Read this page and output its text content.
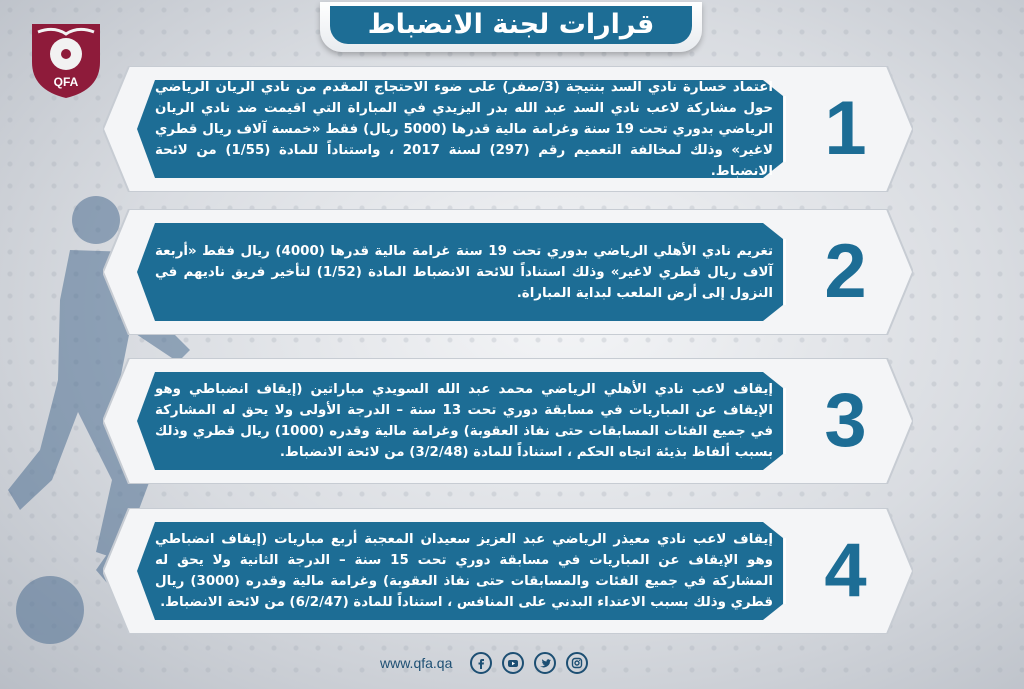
QFA
قرارات لجنة الانضباط
اعتماد خسارة نادي السد بنتيجة (3/صفر) على ضوء الاحتجاج المقدم من نادي الريان الرياضي حول مشاركة لاعب نادي السد عبد الله بدر اليزيدي في المباراة التي اقيمت ضد نادي الريان الرياضي بدوري تحت 19 سنة وغرامة مالية قدرها (5000 ريال) فقط «خمسة آلاف ريال قطري لاغير» وذلك لمخالفة التعميم رقم (297) لسنة 2017 ، واستناداً للمادة (1/55) من لائحة الانضباط. 1
تغريم نادي الأهلي الرياضي بدوري تحت 19 سنة غرامة مالية قدرها (4000) ريال فقط «أربعة آلاف ريال قطري لاغير» وذلك استناداً للائحة الانضباط المادة (1/52) لتأخير فريق ناديهم في النزول إلى أرض الملعب لبداية المباراة. 2
إيقاف لاعب نادي الأهلي الرياضي محمد عبد الله السويدي مباراتين (إيقاف انضباطي وهو الإيقاف عن المباريات في مسابقة دوري تحت 13 سنة – الدرجة الأولى ولا يحق له المشاركة في جميع الفئات المسابقات حتى نفاذ العقوبة) وغرامة مالية وقدره (1000) ريال قطري وذلك بسبب ألفاظ بذيئة اتجاه الحكم ، استناداً للمادة (3/2/48) من لائحة الانضباط. 3
إيقاف لاعب نادي معيذر الرياضي عبد العزيز سعيدان المعجبة أربع مباريات (إيقاف انضباطي وهو الإيقاف عن المباريات في مسابقة دوري تحت 15 سنة – الدرجة الثانية ولا يحق له المشاركة في جميع الفئات والمسابقات حتى نفاذ العقوبة) وغرامة مالية وقدره (3000) ريال قطري وذلك بسبب الاعتداء البدني على المنافس ، استناداً للمادة (6/2/47) من لائحة الانضباط. 4
www.qfa.qa
